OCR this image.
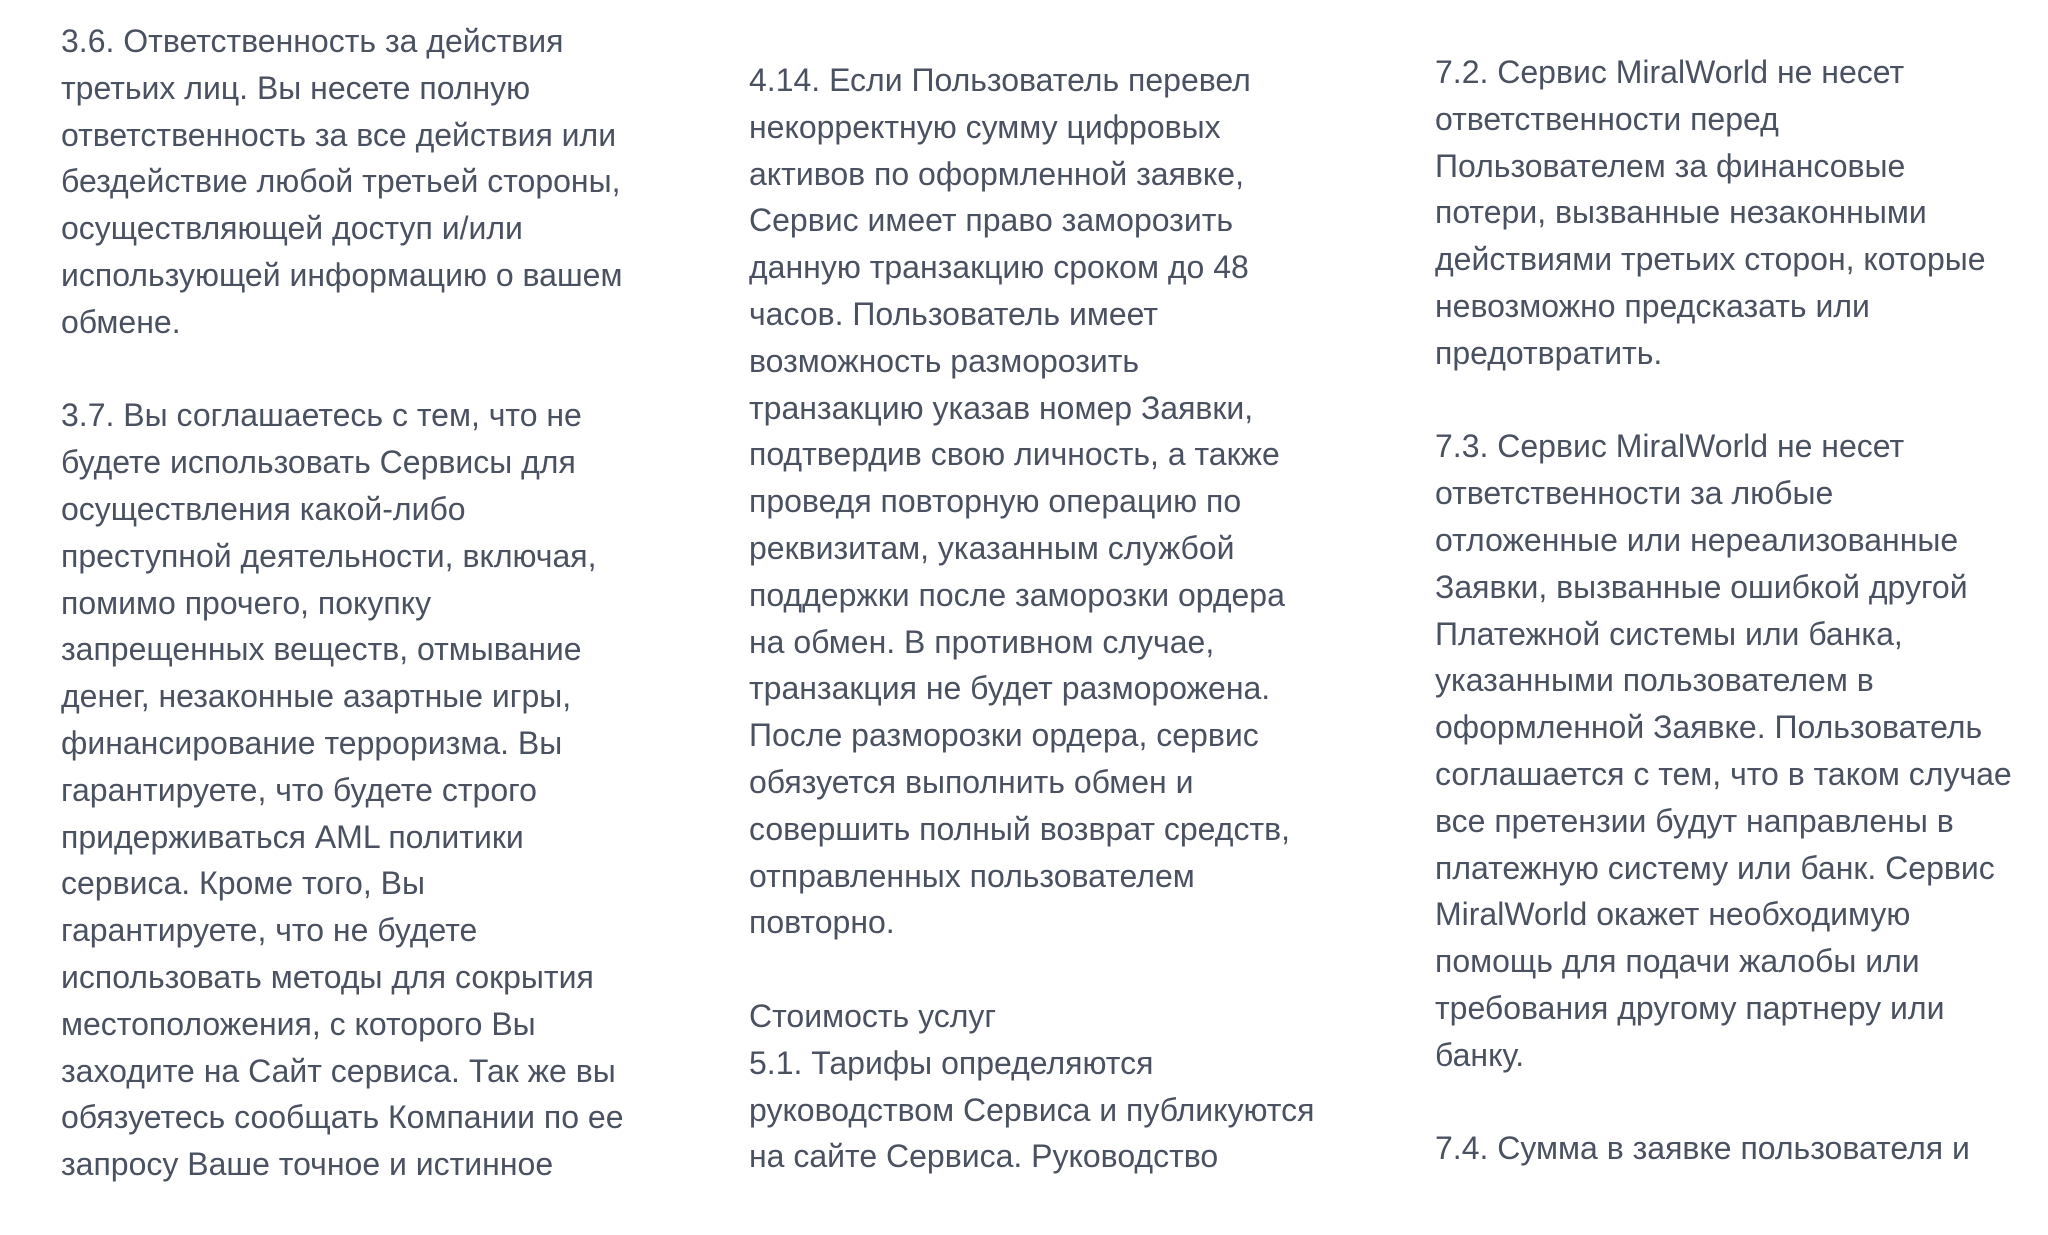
3.6. Ответственность за действия
третьих лиц. Вы несете полную
ответственность за все действия или
бездействие любой третьей стороны,
осуществляющей доступ и/или
использующей информацию о вашем
обмене.
3.7. Вы соглашаетесь с тем, что не
будете использовать Сервисы для
осуществления какой-либо
преступной деятельности, включая,
помимо прочего, покупку
запрещенных веществ, отмывание
денег, незаконные азартные игры,
финансирование терроризма. Вы
гарантируете, что будете строго
придерживаться AML политики
сервиса. Кроме того, Вы
гарантируете, что не будете
использовать методы для сокрытия
местоположения, с которого Вы
заходите на Сайт сервиса. Так же вы
обязуетесь сообщать Компании по ее
запросу Ваше точное и истинное
4.14. Если Пользователь перевел
некорректную сумму цифровых
активов по оформленной заявке,
Сервис имеет право заморозить
данную транзакцию сроком до 48
часов. Пользователь имеет
возможность разморозить
транзакцию указав номер Заявки,
подтвердив свою личность, а также
проведя повторную операцию по
реквизитам, указанным службой
поддержки после заморозки ордера
на обмен. В противном случае,
транзакция не будет разморожена.
После разморозки ордера, сервис
обязуется выполнить обмен и
совершить полный возврат средств,
отправленных пользователем
повторно.
Стоимость услуг
5.1. Тарифы определяются
руководством Сервиса и публикуются
на сайте Сервиса. Руководство
7.2. Сервис MiralWorld не несет
ответственности перед
Пользователем за финансовые
потери, вызванные незаконными
действиями третьих сторон, которые
невозможно предсказать или
предотвратить.
7.3. Сервис MiralWorld не несет
ответственности за любые
отложенные или нереализованные
Заявки, вызванные ошибкой другой
Платежной системы или банка,
указанными пользователем в
оформленной Заявке. Пользователь
соглашается с тем, что в таком случае
все претензии будут направлены в
платежную систему или банк. Сервис
MiralWorld окажет необходимую
помощь для подачи жалобы или
требования другому партнеру или
банку.
7.4. Сумма в заявке пользователя и
